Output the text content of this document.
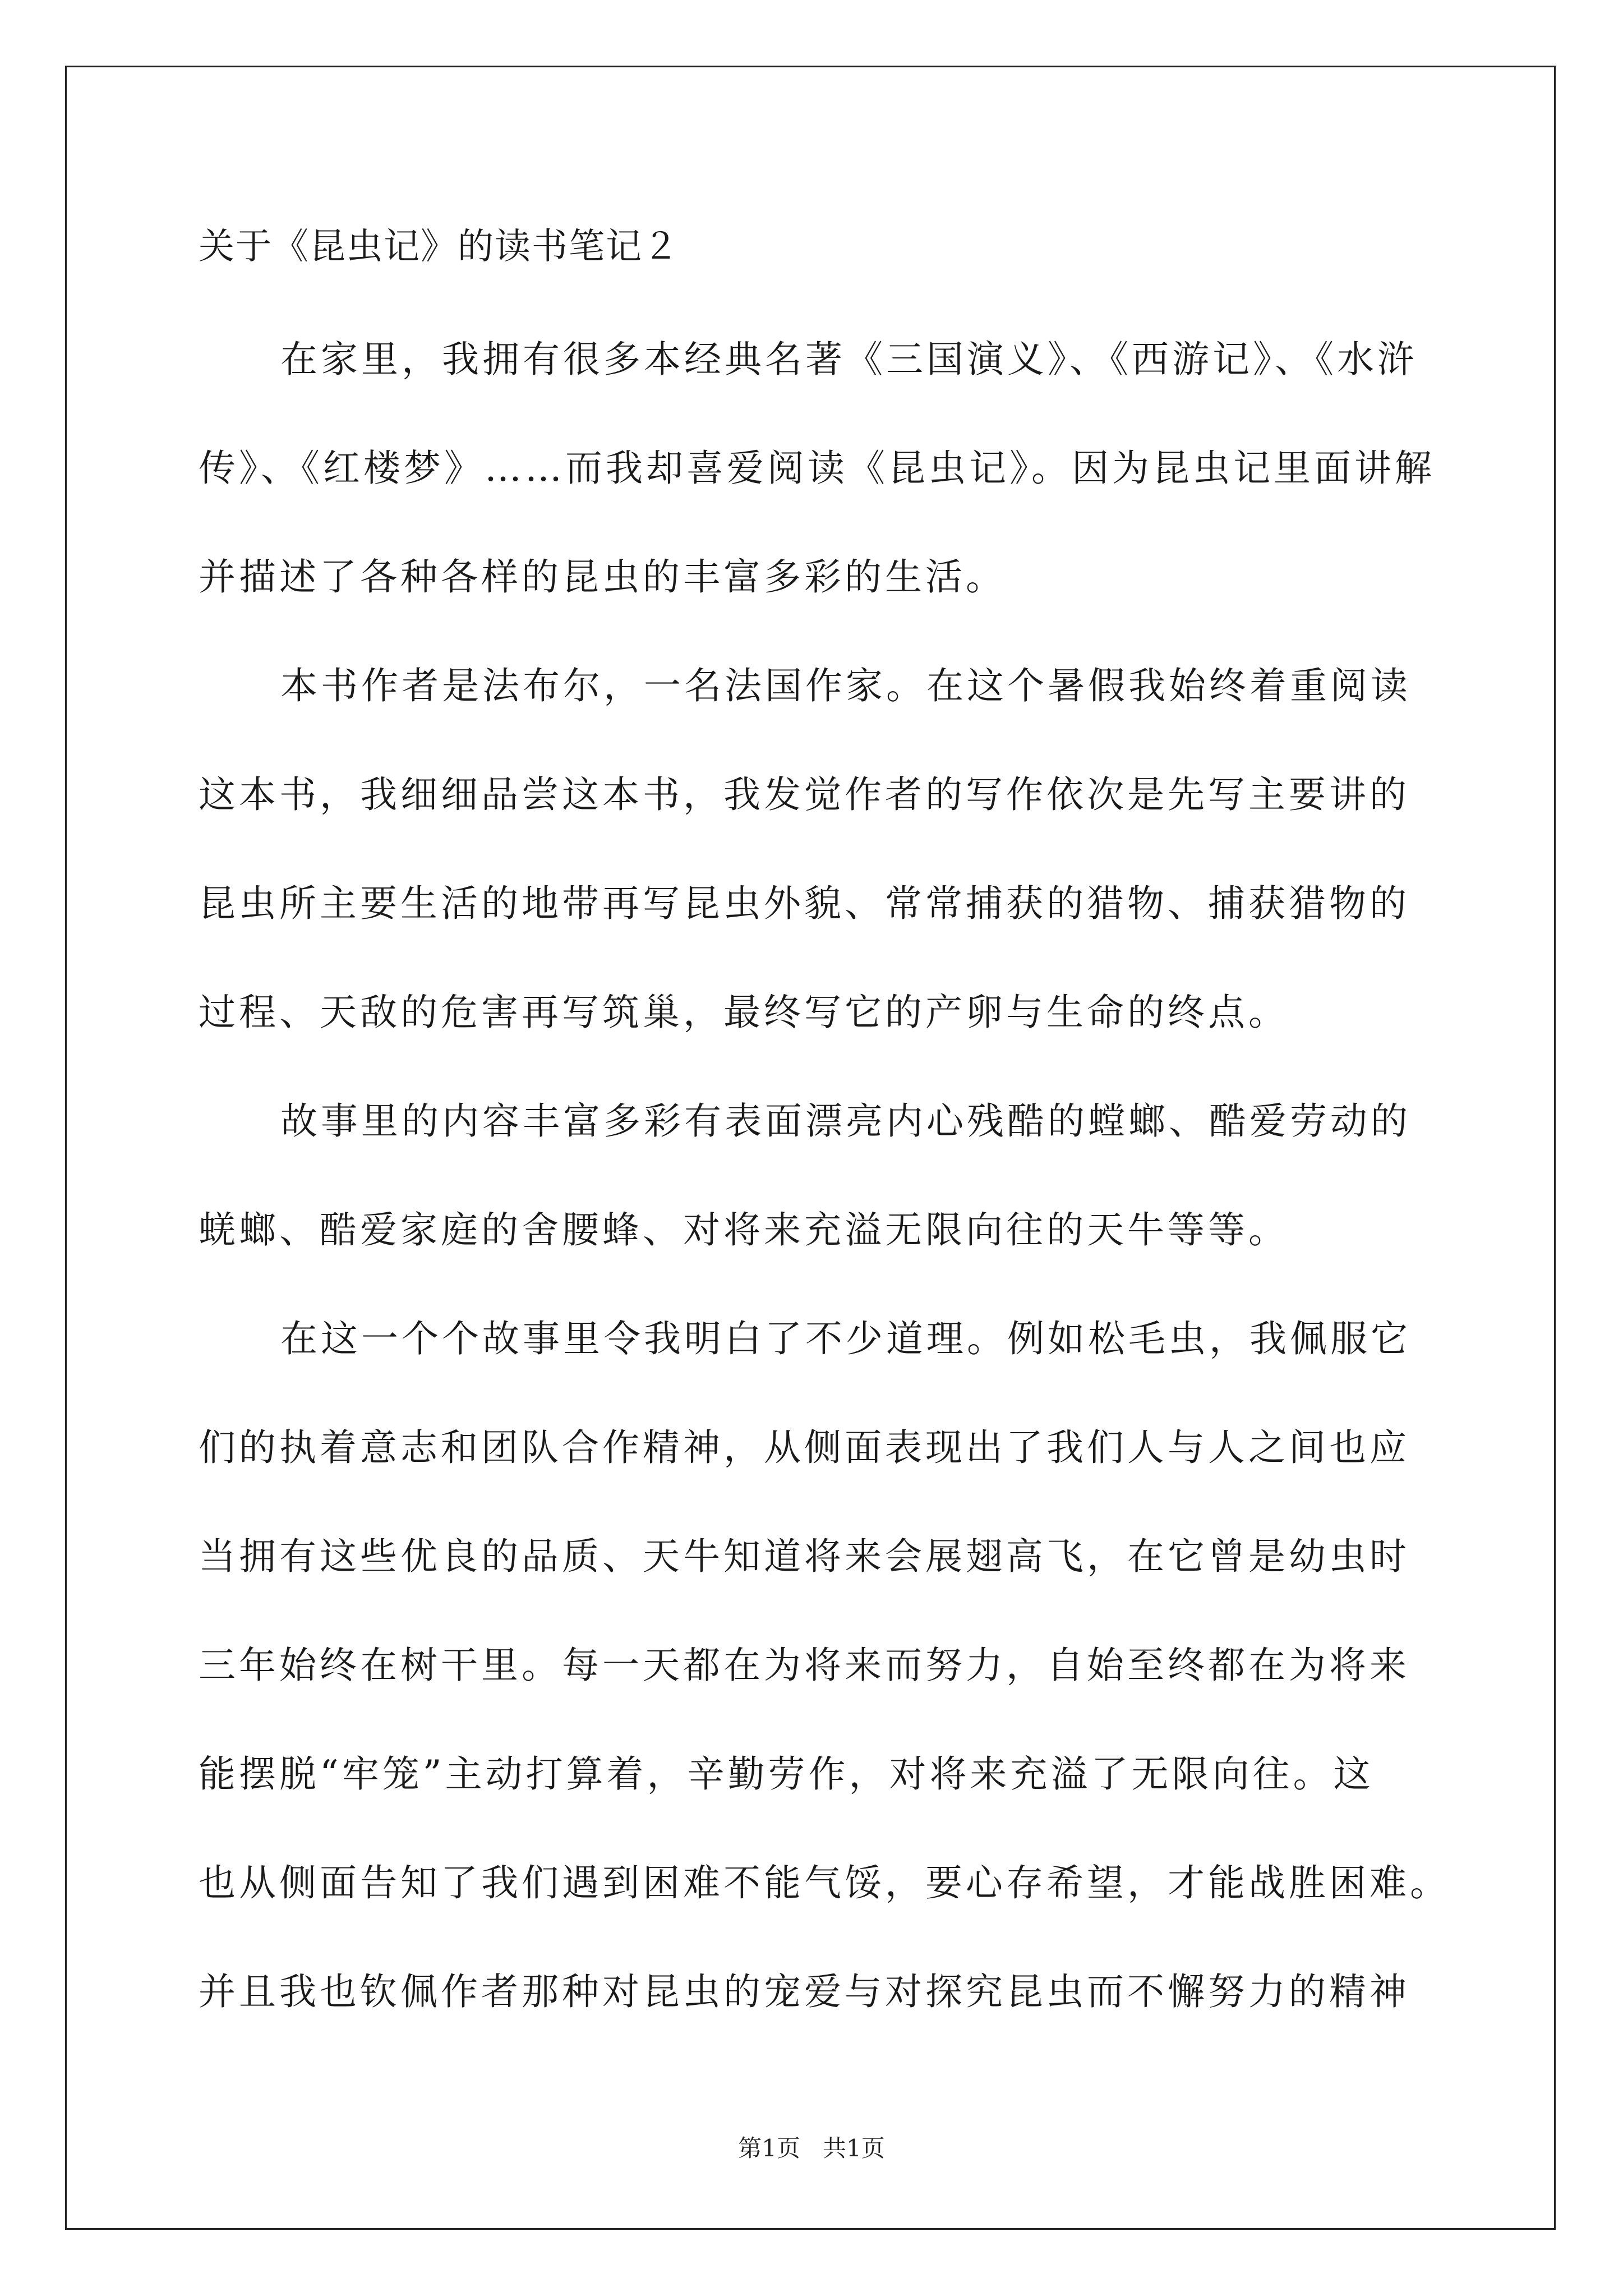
关于《昆虫记》的读书笔记２
在家里，我拥有很多本经典名著《三国演义》、《西游记》、《水浒
传》、《红楼梦》……而我却喜爱阅读《昆虫记》。因为昆虫记里面讲解
并描述了各种各样的昆虫的丰富多彩的生活。
本书作者是法布尔，一名法国作家。在这个暑假我始终着重阅读
这本书，我细细品尝这本书，我发觉作者的写作依次是先写主要讲的
昆虫所主要生活的地带再写昆虫外貌、常常捕获的猎物、捕获猎物的
过程、天敌的危害再写筑巢，最终写它的产卵与生命的终点。
故事里的内容丰富多彩有表面漂亮内心残酷的螳螂、酷爱劳动的
蜣螂、酷爱家庭的舍腰蜂、对将来充溢无限向往的天牛等等。
在这一个个故事里令我明白了不少道理。例如松毛虫，我佩服它
们的执着意志和团队合作精神，从侧面表现出了我们人与人之间也应
当拥有这些优良的品质、天牛知道将来会展翅高飞，在它曾是幼虫时
三年始终在树干里。每一天都在为将来而努力，自始至终都在为将来
能摆脱“牢笼”主动打算着，辛勤劳作，对将来充溢了无限向往。这
也从侧面告知了我们遇到困难不能气馁，要心存希望，才能战胜困难。
并且我也钦佩作者那种对昆虫的宠爱与对探究昆虫而不懈努力的精神
第1页   共1页
